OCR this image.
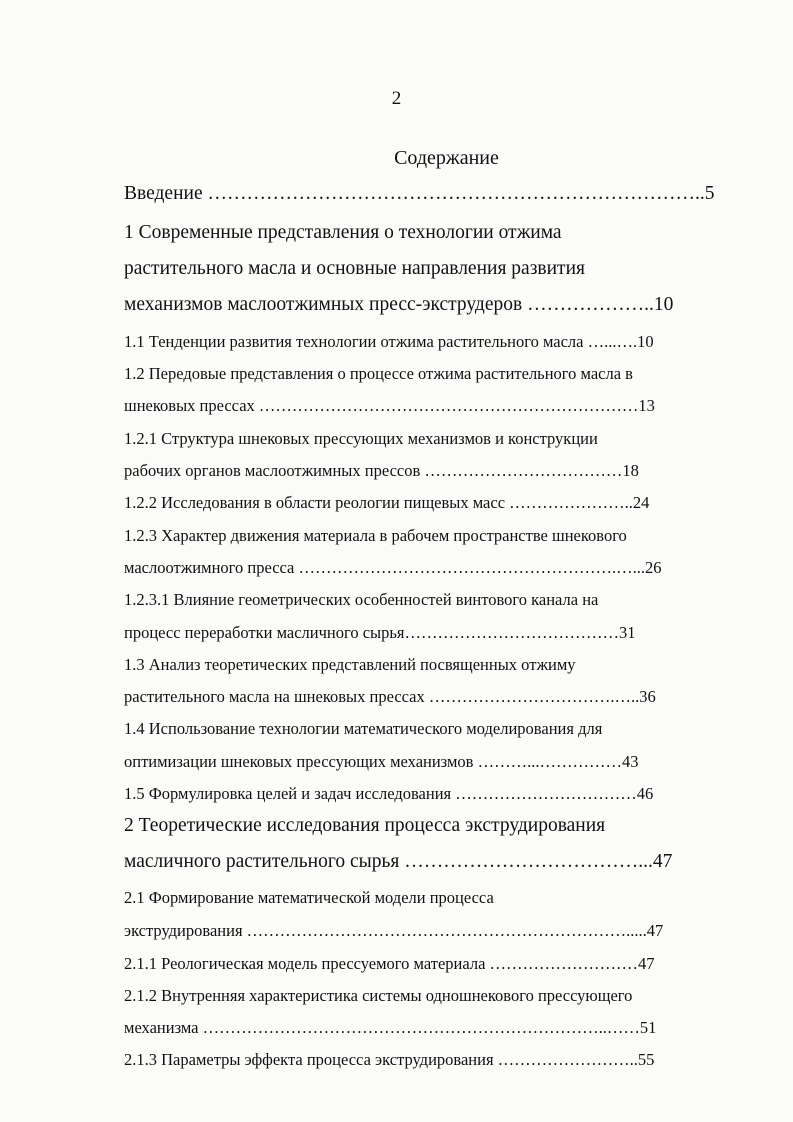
2
Содержание
Введение …………………………………………………………………..5
1 Современные представления о технологии отжима
растительного масла и основные направления развития
механизмов маслоотжимных пресс-экструдеров ………………..10
1.1 Тенденции развития технологии отжима растительного масла …...….10
1.2 Передовые представления о процессе отжима растительного масла в
шнековых прессах ……………………………………………………………13
1.2.1 Структура шнековых прессующих механизмов и конструкции
рабочих органов маслоотжимных прессов ………………………………18
1.2.2 Исследования в области реологии пищевых масс …………………..24
1.2.3 Характер движения материала в рабочем пространстве шнекового
маслоотжимного пресса ………………………………………………….…...26
1.2.3.1 Влияние геометрических особенностей винтового канала на
процесс переработки масличного сырья…………………………………31
1.3 Анализ теоретических представлений посвященных отжиму
растительного масла на шнековых прессах …………………………….…..36
1.4 Использование технологии математического моделирования для
оптимизации шнековых прессующих механизмов ………...……………43
1.5 Формулировка целей и задач исследования ……………………………46
2 Теоретические исследования процесса экструдирования
масличного растительного сырья ………………………………...47
2.1 Формирование математической модели процесса
экструдирования …………………………………………………………….....47
2.1.1 Реологическая модель прессуемого материала ………………………47
2.1.2 Внутренняя характеристика системы одношнекового прессующего
механизма ………………………………………………………………..……51
2.1.3 Параметры эффекта процесса экструдирования ……………………..55
